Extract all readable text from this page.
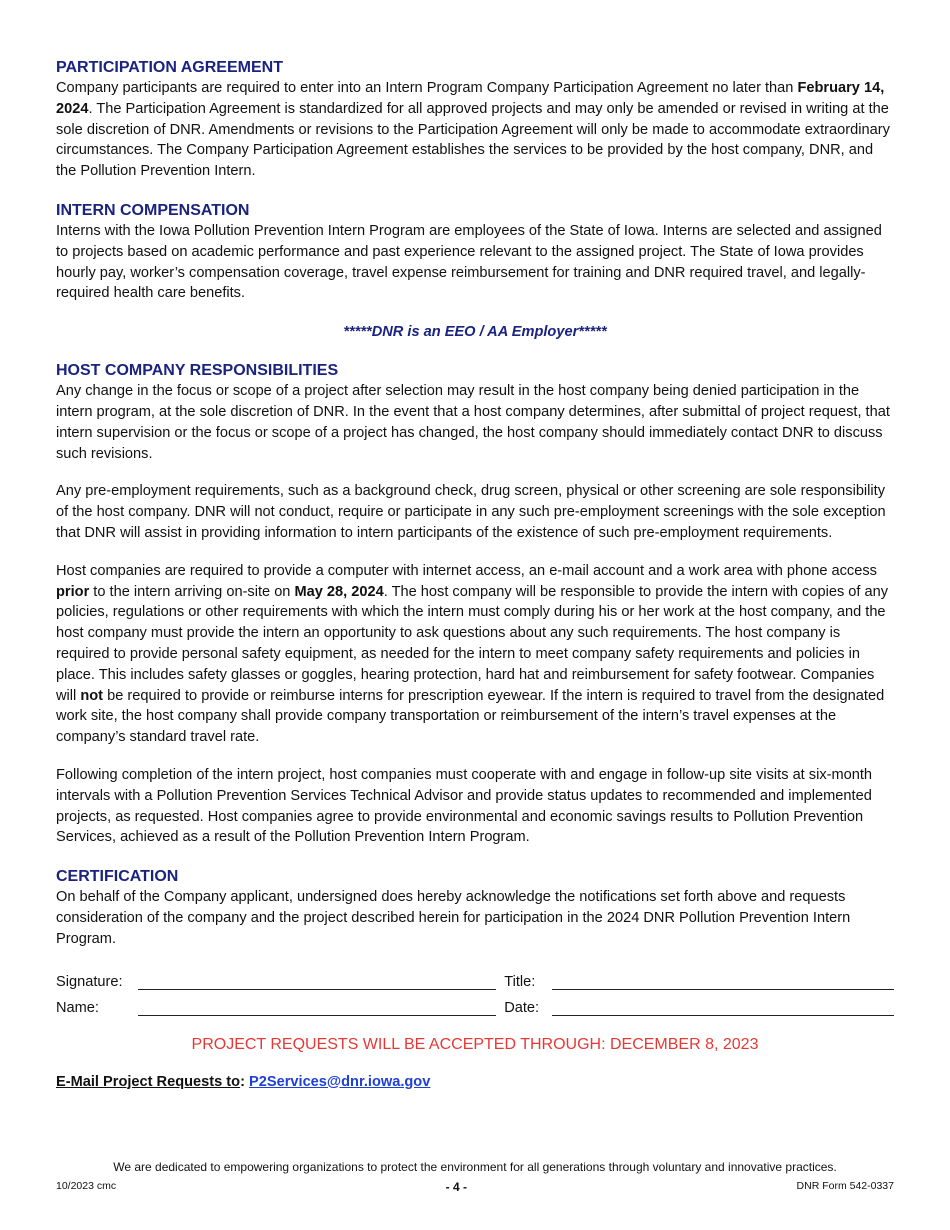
PARTICIPATION AGREEMENT

Company participants are required to enter into an Intern Program Company Participation Agreement no later than February 14, 2024. The Participation Agreement is standardized for all approved projects and may only be amended or revised in writing at the sole discretion of DNR. Amendments or revisions to the Participation Agreement will only be made to accommodate extraordinary circumstances. The Company Participation Agreement establishes the services to be provided by the host company, DNR, and the Pollution Prevention Intern.

INTERN COMPENSATION

Interns with the Iowa Pollution Prevention Intern Program are employees of the State of Iowa. Interns are selected and assigned to projects based on academic performance and past experience relevant to the assigned project. The State of Iowa provides hourly pay, worker’s compensation coverage, travel expense reimbursement for training and DNR required travel, and legally-required health care benefits.

*****DNR is an EEO / AA Employer*****

HOST COMPANY RESPONSIBILITIES

Any change in the focus or scope of a project after selection may result in the host company being denied participation in the intern program, at the sole discretion of DNR. In the event that a host company determines, after submittal of project request, that intern supervision or the focus or scope of a project has changed, the host company should immediately contact DNR to discuss such revisions.

Any pre-employment requirements, such as a background check, drug screen, physical or other screening are sole responsibility of the host company. DNR will not conduct, require or participate in any such pre-employment screenings with the sole exception that DNR will assist in providing information to intern participants of the existence of such pre-employment requirements.

Host companies are required to provide a computer with internet access, an e-mail account and a work area with phone access prior to the intern arriving on-site on May 28, 2024. The host company will be responsible to provide the intern with copies of any policies, regulations or other requirements with which the intern must comply during his or her work at the host company, and the host company must provide the intern an opportunity to ask questions about any such requirements. The host company is required to provide personal safety equipment, as needed for the intern to meet company safety requirements and policies in place. This includes safety glasses or goggles, hearing protection, hard hat and reimbursement for safety footwear. Companies will not be required to provide or reimburse interns for prescription eyewear. If the intern is required to travel from the designated work site, the host company shall provide company transportation or reimbursement of the intern’s travel expenses at the company’s standard travel rate.

Following completion of the intern project, host companies must cooperate with and engage in follow-up site visits at six-month intervals with a Pollution Prevention Services Technical Advisor and provide status updates to recommended and implemented projects, as requested. Host companies agree to provide environmental and economic savings results to Pollution Prevention Services, achieved as a result of the Pollution Prevention Intern Program.

CERTIFICATION

On behalf of the Company applicant, undersigned does hereby acknowledge the notifications set forth above and requests consideration of the company and the project described herein for participation in the 2024 DNR Pollution Prevention Intern Program.

Signature:	Title:
Name:	Date:
PROJECT REQUESTS WILL BE ACCEPTED THROUGH: DECEMBER 8, 2023
E-Mail Project Requests to: P2Services@dnr.iowa.gov
We are dedicated to empowering organizations to protect the environment for all generations through voluntary and innovative practices.
10/2023 cmc	- 4 -	DNR Form 542-0337
